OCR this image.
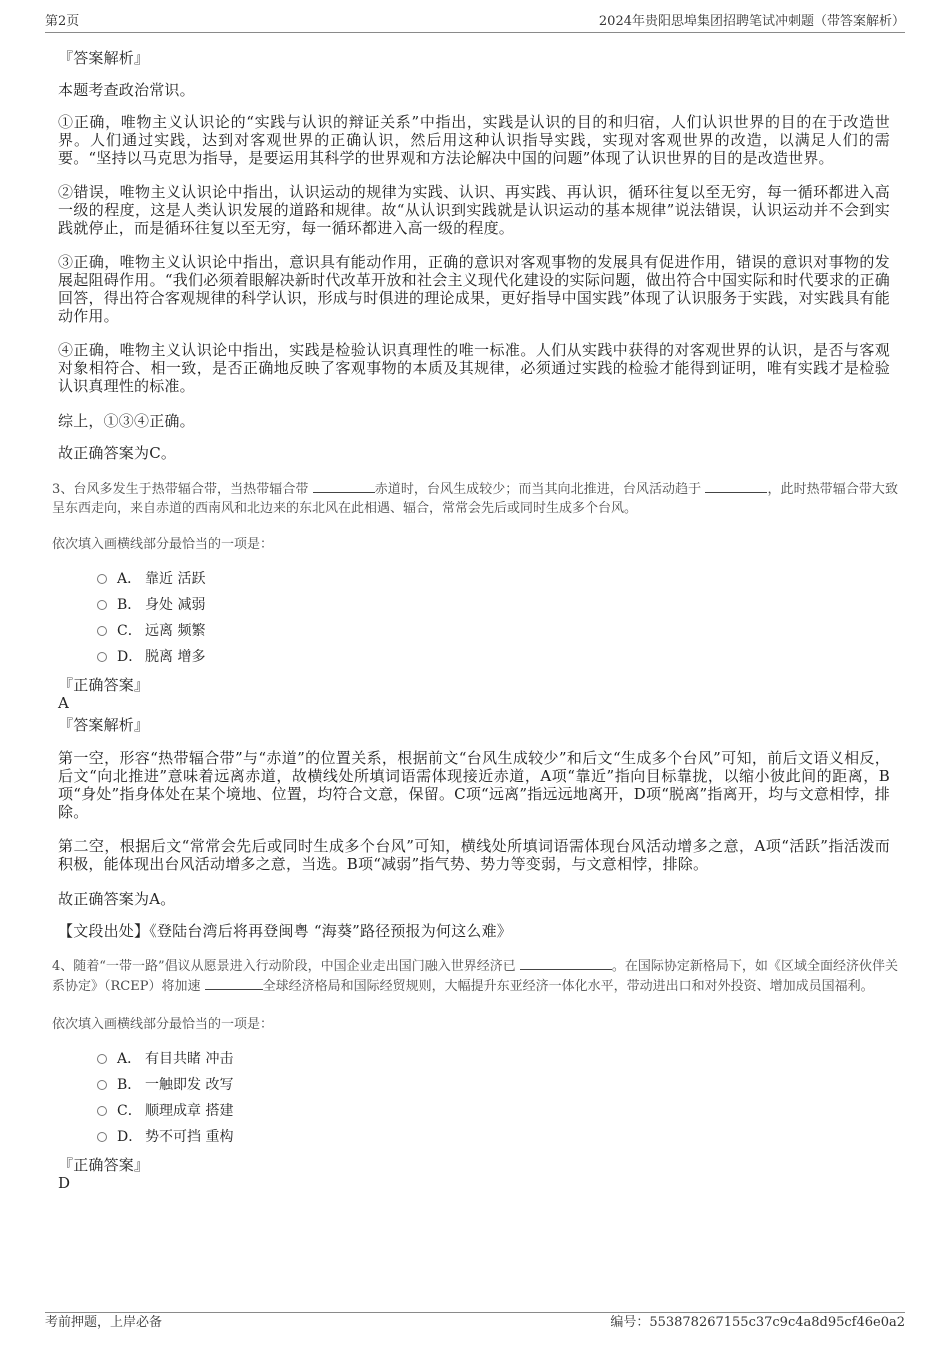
第2页	2024年贵阳思埠集团招聘笔试冲刺题（带答案解析）
『答案解析』
本题考查政治常识。
①正确，唯物主义认识论的“实践与认识的辩证关系”中指出，实践是认识的目的和归宿，人们认识世界的目的在于改造世界。人们通过实践，达到对客观世界的正确认识，然后用这种认识指导实践，实现对客观世界的改造，以满足人们的需要。“坚持以马克思为指导，是要运用其科学的世界观和方法论解决中国的问题”体现了认识世界的目的是改造世界。
②错误，唯物主义认识论中指出，认识运动的规律为实践、认识、再实践、再认识，循环往复以至无穷，每一循环都进入高一级的程度，这是人类认识发展的道路和规律。故“从认识到实践就是认识运动的基本规律”说法错误，认识运动并不会到实践就停止，而是循环往复以至无穷，每一循环都进入高一级的程度。
③正确，唯物主义认识论中指出，意识具有能动作用，正确的意识对客观事物的发展具有促进作用，错误的意识对事物的发展起阻碍作用。“我们必须着眼解决新时代改革开放和社会主义现代化建设的实际问题，做出符合中国实际和时代要求的正确回答，得出符合客观规律的科学认识，形成与时俱进的理论成果，更好指导中国实践”体现了认识服务于实践，对实践具有能动作用。
④正确，唯物主义认识论中指出，实践是检验认识真理性的唯一标准。人们从实践中获得的对客观世界的认识，是否与客观对象相符合、相一致，是否正确地反映了客观事物的本质及其规律，必须通过实践的检验才能得到证明，唯有实践才是检验认识真理性的标准。
综上，①③④正确。
故正确答案为C。
3、台风多发生于热带辐合带，当热带辐合带	赤道时，台风生成较少；而当其向北推进，台风活动趋于	，此时热带辐合带大致呈东西走向，来自赤道的西南风和北边来的东北风在此相遇、辐合，常常会先后或同时生成多个台风。
依次填入画横线部分最恰当的一项是：
A． 靠近 活跃
B． 身处 减弱
C． 远离 频繁
D． 脱离 增多
『正确答案』
A
『答案解析』
第一空，形容“热带辐合带”与“赤道”的位置关系，根据前文“台风生成较少”和后文“生成多个台风”可知，前后文语义相反，后文“向北推进”意味着远离赤道，故横线处所填词语需体现接近赤道，A项“靠近”指向目标靠拢，以缩小彼此间的距离，B项“身处”指身体处在某个境地、位置，均符合文意，保留。C项“远离”指远远地离开，D项“脱离”指离开，均与文意相悖，排除。
第二空，根据后文“常常会先后或同时生成多个台风”可知，横线处所填词语需体现台风活动增多之意，A项“活跃”指活泼而积极，能体现出台风活动增多之意，当选。B项“减弱”指气势、势力等变弱，与文意相悖，排除。
故正确答案为A。
【文段出处】《登陆台湾后将再登闽粤 “海葵”路径预报为何这么难》
4、随着“一带一路”倡议从愿景进入行动阶段，中国企业走出国门融入世界经济已	。在国际协定新格局下，如《区域全面经济伙伴关系协定》（RCEP）将加速	全球经济格局和国际经贸规则，大幅提升东亚经济一体化水平，带动进出口和对外投资、增加成员国福利。
依次填入画横线部分最恰当的一项是：
A． 有目共睹 冲击
B． 一触即发 改写
C． 顺理成章 搭建
D． 势不可挡 重构
『正确答案』
D
考前押题，上岸必备	编号：553878267155c37c9c4a8d95cf46e0a2
